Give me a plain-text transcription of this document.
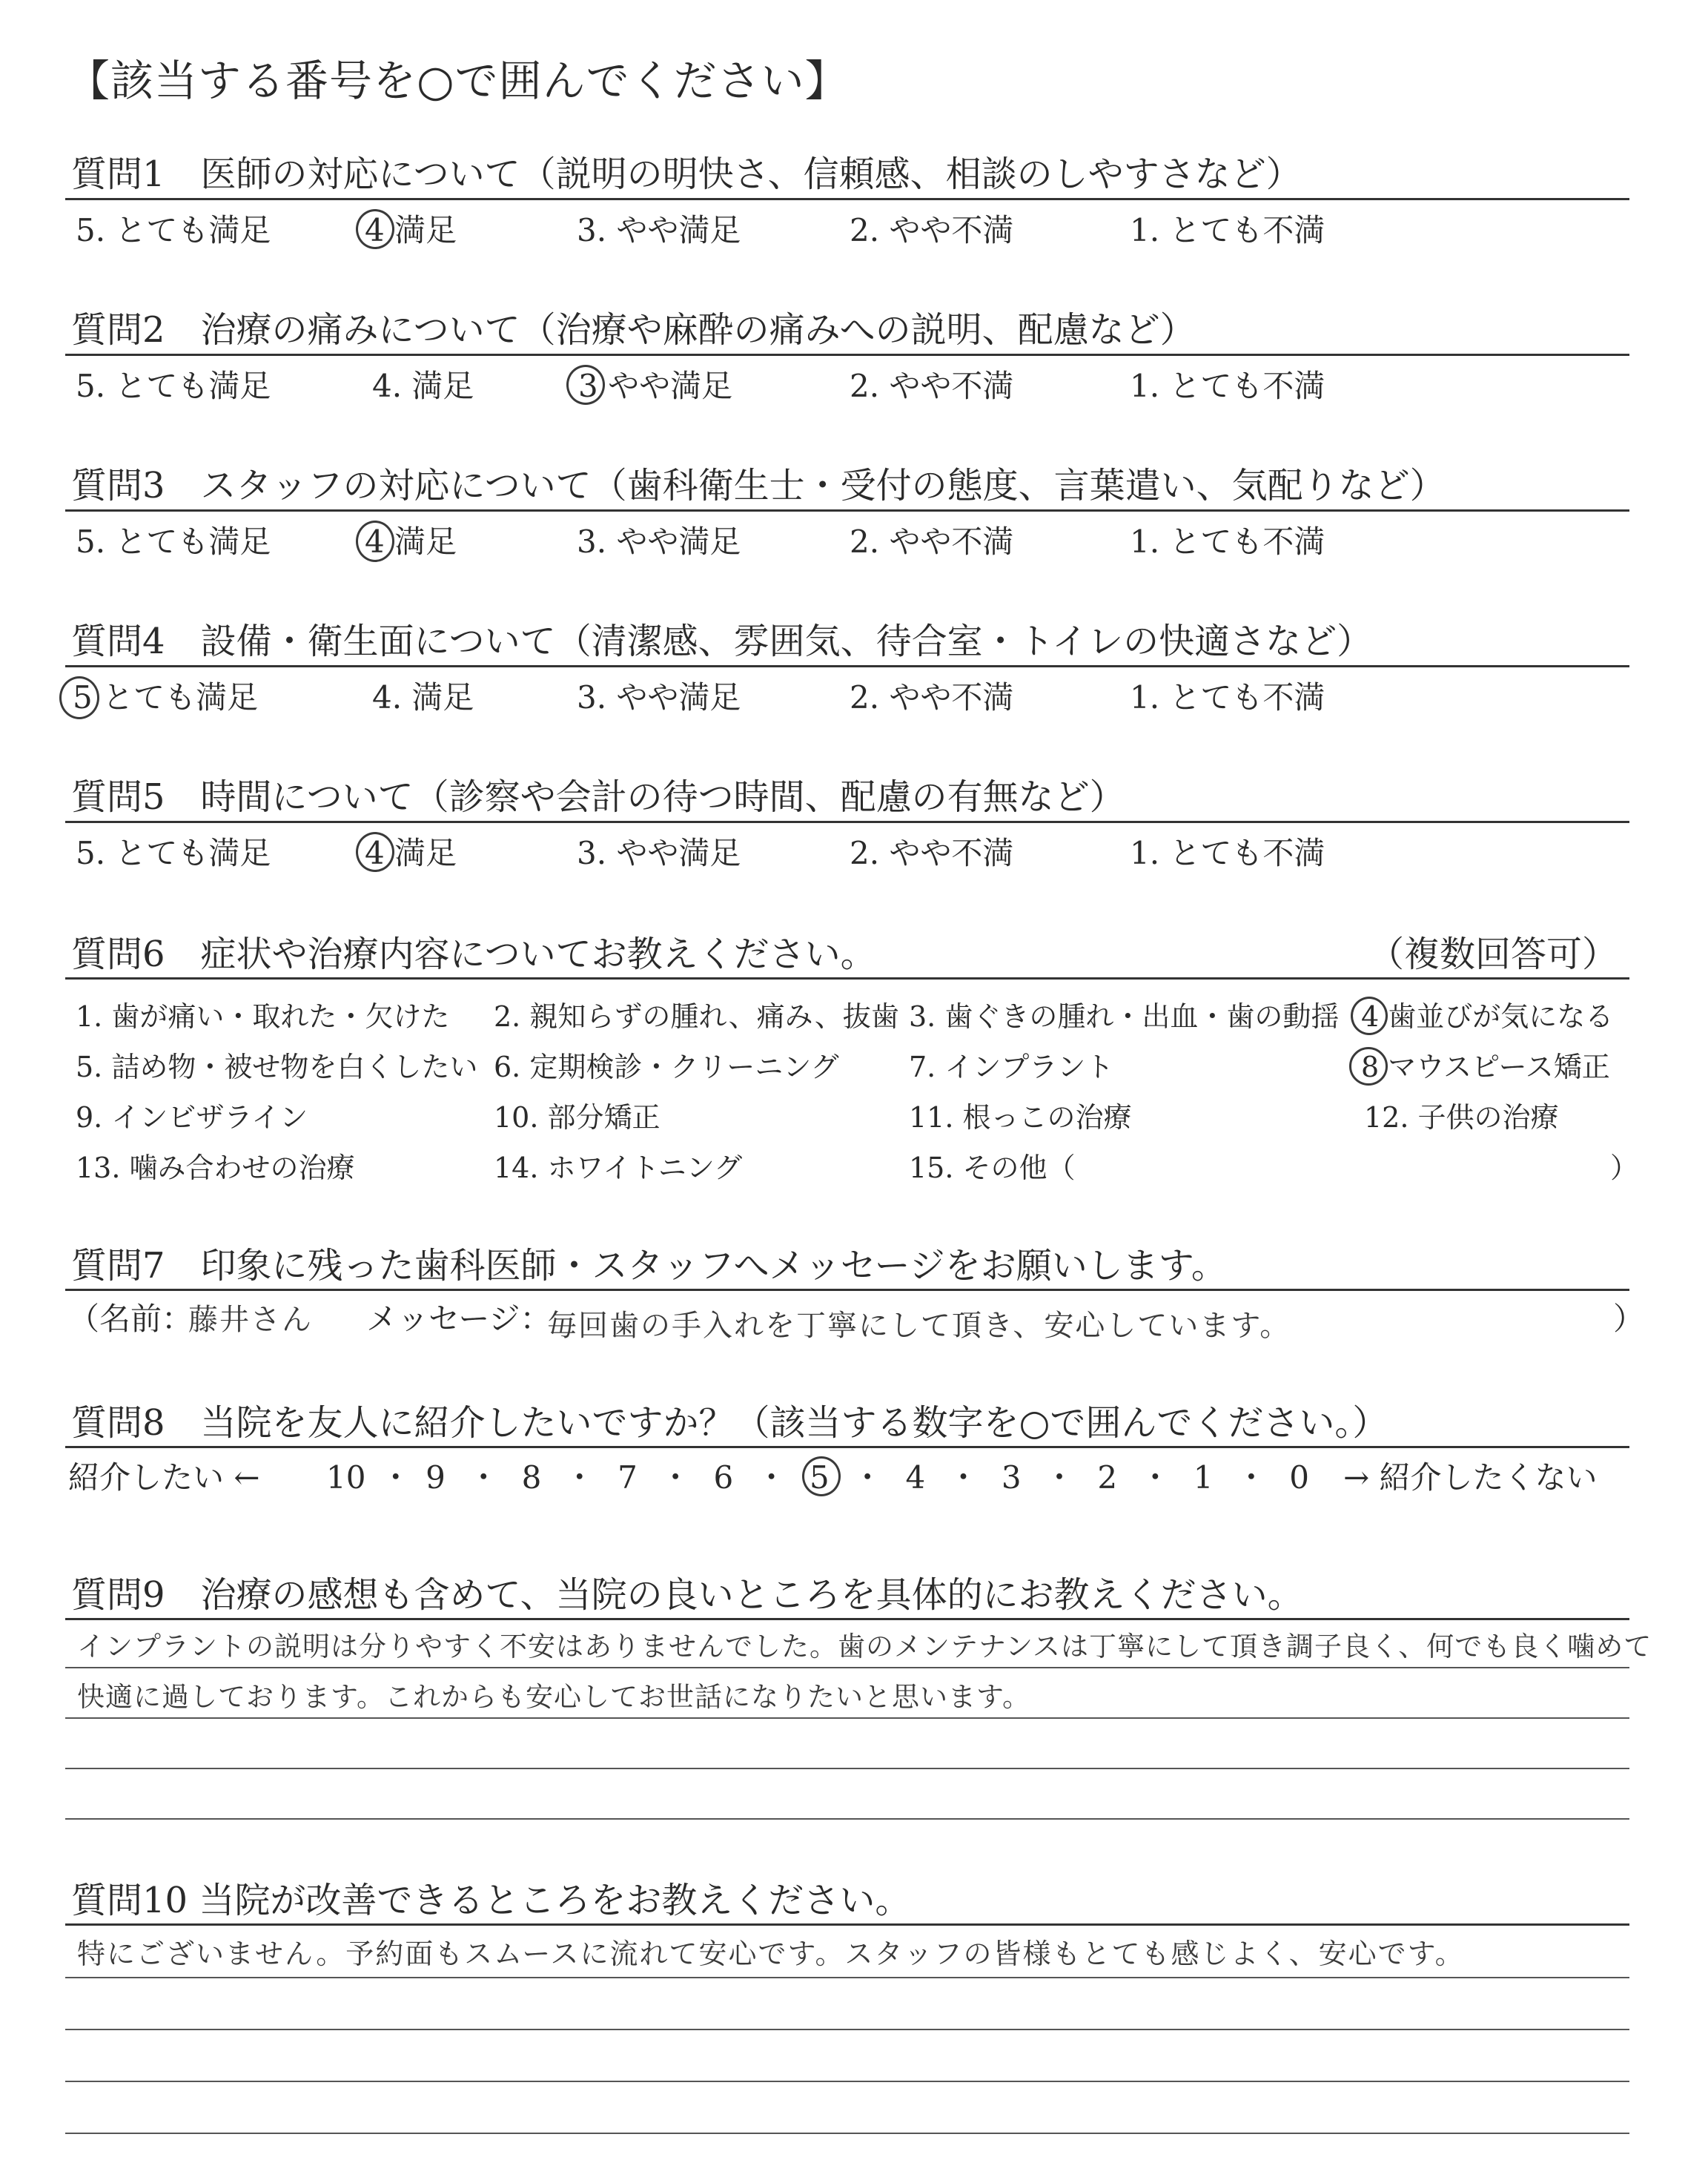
【該当する番号を○で囲んでください】
質問1　医師の対応について（説明の明快さ、信頼感、相談のしやすさなど）
5. とても満足	4 満足	3. やや満足	2. やや不満	1. とても不満
質問2　治療の痛みについて（治療や麻酔の痛みへの説明、配慮など）
5. とても満足	4. 満足	3 やや満足	2. やや不満	1. とても不満
質問3　スタッフの対応について（歯科衛生士・受付の態度、言葉遣い、気配りなど）
5. とても満足	4 満足	3. やや満足	2. やや不満	1. とても不満
質問4　設備・衛生面について（清潔感、雰囲気、待合室・トイレの快適さなど）
5 とても満足	4. 満足	3. やや満足	2. やや不満	1. とても不満
質問5　時間について（診察や会計の待つ時間、配慮の有無など）
5. とても満足	4 満足	3. やや満足	2. やや不満	1. とても不満
質問6　症状や治療内容についてお教えください。	（複数回答可）
1. 歯が痛い・取れた・欠けた 2. 親知らずの腫れ、痛み、抜歯 3. 歯ぐきの腫れ・出血・歯の動揺 4 歯並びが気になる
5. 詰め物・被せ物を白くしたい 6. 定期検診・クリーニング 7. インプラント	8 マウスピース矯正
9. インビザライン	10. 部分矯正	11. 根っこの治療	12. 子供の治療
13. 噛み合わせの治療	14. ホワイトニング	15. その他（	）
質問7　印象に残った歯科医師・スタッフへメッセージをお願いします。
（名前：
藤井さん メッセージ：
毎回歯の手入れを丁寧にして頂き、安心しています。	）
質問8　当院を友人に紹介したいですか？（該当する数字を○で囲んでください。）
紹介したい ← 10 ・ 9 ・ 8 ・ 7 ・ 6 ・ 5 ・ 4 ・ 3 ・ 2 ・ 1 ・ 0 → 紹介したくない
質問9　治療の感想も含めて、当院の良いところを具体的にお教えください。
インプラントの説明は分りやすく不安はありませんでした。歯のメンテナンスは丁寧にして頂き調子良く、何でも良く噛めて
快適に過しております。これからも安心してお世話になりたいと思います。
質問10 当院が改善できるところをお教えください。
特にございません。予約面もスムースに流れて安心です。スタッフの皆様もとても感じよく、安心です。
